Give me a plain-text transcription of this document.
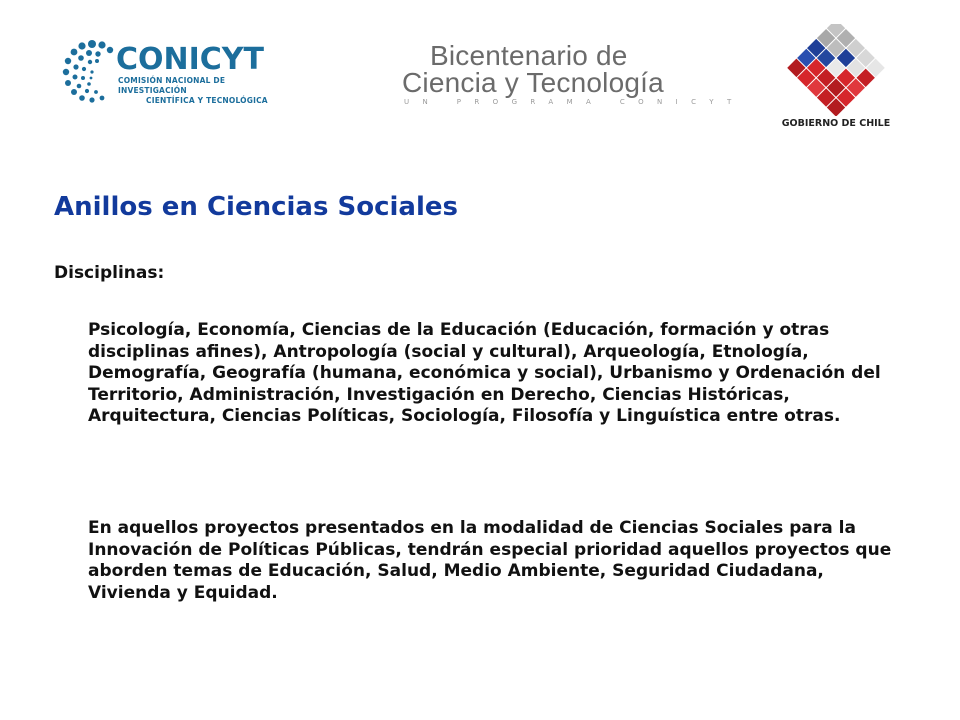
CONICYT
COMISIÓN NACIONAL DE INVESTIGACIÓN
CIENTÍFICA Y TECNOLÓGICA
Bicentenario de
Ciencia y Tecnología
UN PROGRAMA CONICYT
GOBIERNO DE CHILE
Anillos en Ciencias Sociales
Disciplinas:
Psicología, Economía, Ciencias de la Educación (Educación, formación y otras disciplinas afines), Antropología (social y cultural), Arqueología, Etnología, Demografía, Geografía (humana, económica y social), Urbanismo y Ordenación del Territorio, Administración, Investigación en Derecho, Ciencias Históricas, Arquitectura, Ciencias Políticas, Sociología, Filosofía y Linguística entre otras.
En aquellos proyectos presentados en la modalidad de Ciencias Sociales para la Innovación de Políticas Públicas, tendrán especial prioridad aquellos proyectos que aborden temas de Educación, Salud, Medio Ambiente, Seguridad Ciudadana, Vivienda y Equidad.
